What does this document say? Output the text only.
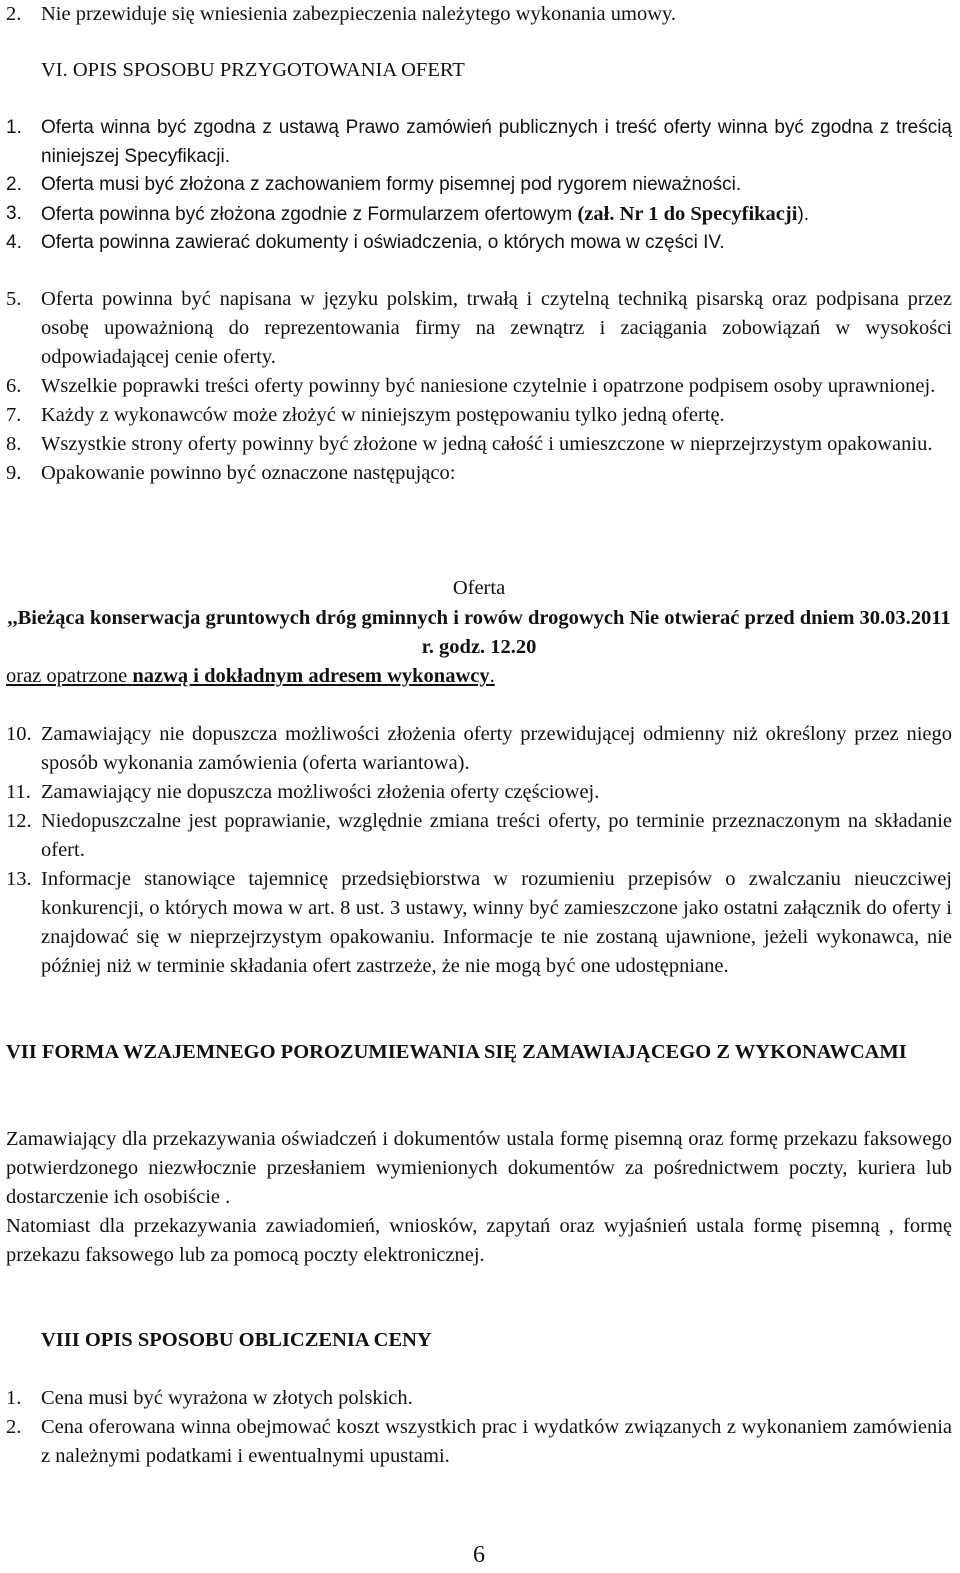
2. Nie przewiduje się wniesienia zabezpieczenia należytego wykonania umowy.

VI. OPIS SPOSOBU PRZYGOTOWANIA OFERT

1. Oferta winna być zgodna z ustawą Prawo zamówień publicznych i treść oferty winna być zgodna z treścią niniejszej Specyfikacji.
2. Oferta musi być złożona z zachowaniem formy pisemnej pod rygorem nieważności.
3. Oferta powinna być złożona zgodnie z Formularzem ofertowym (zał. Nr 1 do Specyfikacji).
4. Oferta powinna zawierać dokumenty i oświadczenia, o których mowa w części IV.
5. Oferta powinna być napisana w języku polskim, trwałą i czytelną techniką pisarską oraz podpisana przez osobę upoważnioną do reprezentowania firmy na zewnątrz i zaciągania zobowiązań w wysokości odpowiadającej cenie oferty.
6. Wszelkie poprawki treści oferty powinny być naniesione czytelnie i opatrzone podpisem osoby uprawnionej.
7. Każdy z wykonawców może złożyć w niniejszym postępowaniu tylko jedną ofertę.
8. Wszystkie strony oferty powinny być złożone w jedną całość i umieszczone w nieprzejrzystym opakowaniu.
9. Opakowanie powinno być oznaczone następująco:

Oferta

,,Bieżąca konserwacja gruntowych dróg gminnych i rowów drogowych Nie otwierać przed dniem 30.03.2011 r. godz. 12.20

oraz opatrzone nazwą i dokładnym adresem wykonawcy.

10. Zamawiający nie dopuszcza możliwości złożenia oferty przewidującej odmienny niż określony przez niego sposób wykonania zamówienia (oferta wariantowa).
11. Zamawiający nie dopuszcza możliwości złożenia oferty częściowej.
12. Niedopuszczalne jest poprawianie, względnie zmiana treści oferty, po terminie przeznaczonym na składanie ofert.
13. Informacje stanowiące tajemnicę przedsiębiorstwa w rozumieniu przepisów o zwalczaniu nieuczciwej konkurencji, o których mowa w art. 8 ust. 3 ustawy, winny być zamieszczone jako ostatni załącznik do oferty i znajdować się w nieprzejrzystym opakowaniu. Informacje te nie zostaną ujawnione, jeżeli wykonawca, nie później niż w terminie składania ofert zastrzeże, że nie mogą być one udostępniane.

VII FORMA WZAJEMNEGO POROZUMIEWANIA SIĘ ZAMAWIAJĄCEGO Z WYKONAWCAMI

Zamawiający dla przekazywania oświadczeń i dokumentów ustala formę pisemną oraz formę przekazu faksowego potwierdzonego niezwłocznie przesłaniem wymienionych dokumentów za pośrednictwem poczty, kuriera lub dostarczenie ich osobiście .

Natomiast dla przekazywania zawiadomień, wniosków, zapytań oraz wyjaśnień ustala formę pisemną , formę przekazu faksowego lub za pomocą poczty elektronicznej.

VIII OPIS SPOSOBU OBLICZENIA CENY

1. Cena musi być wyrażona w złotych polskich.
2. Cena oferowana winna obejmować koszt wszystkich prac i wydatków związanych z wykonaniem zamówienia z należnymi podatkami i ewentualnymi upustami.

6
